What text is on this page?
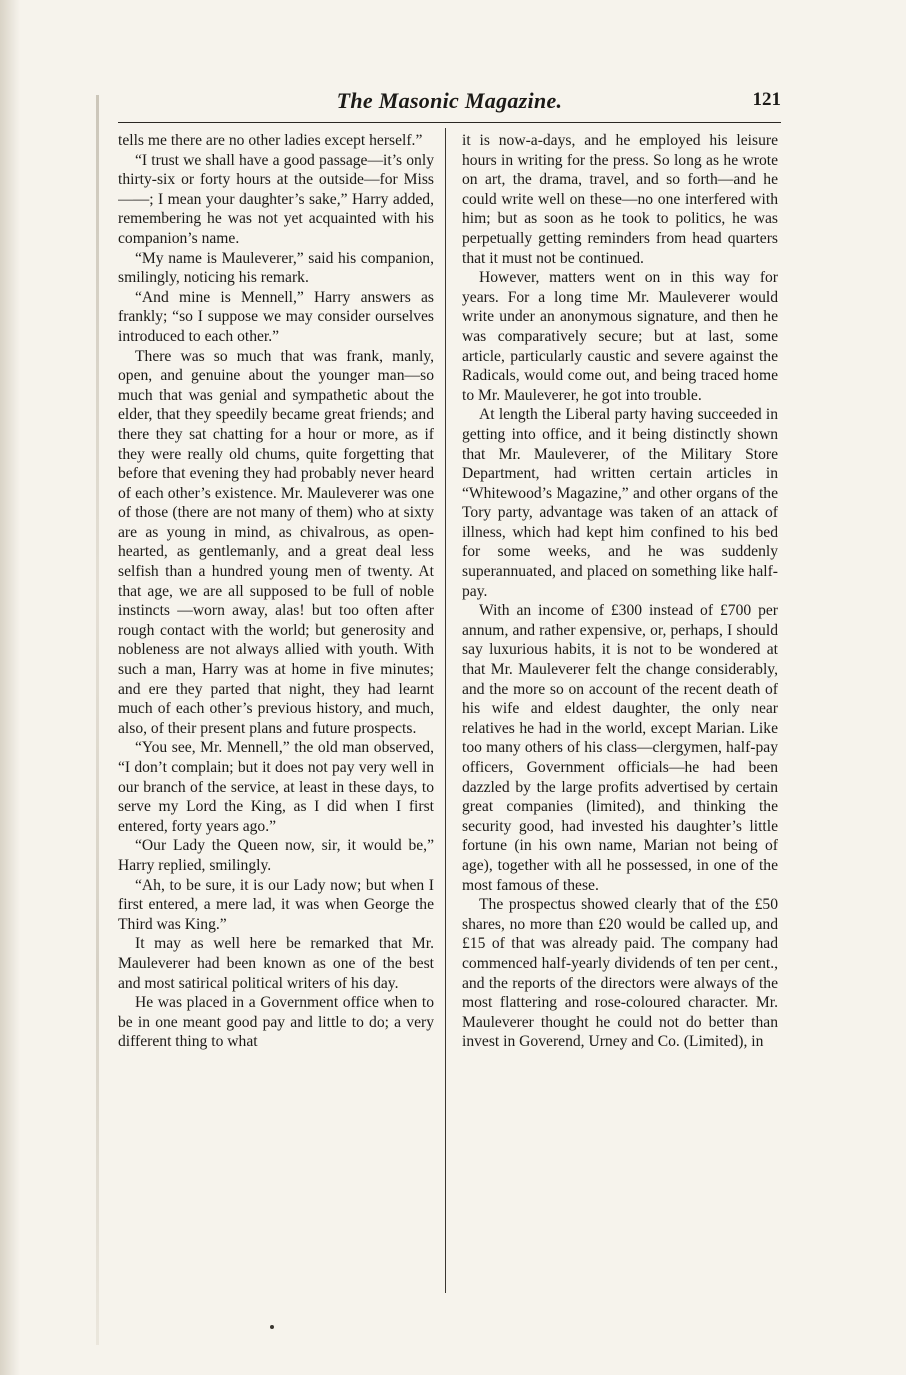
The Masonic Magazine.	121

tells me there are no other ladies except herself.”

“I trust we shall have a good passage—it’s only thirty-six or forty hours at the outside—for Miss ——; I mean your daughter’s sake,” Harry added, remembering he was not yet acquainted with his companion’s name.

“My name is Mauleverer,” said his companion, smilingly, noticing his remark.

“And mine is Mennell,” Harry answers as frankly; “so I suppose we may consider ourselves introduced to each other.”

There was so much that was frank, manly, open, and genuine about the younger man—so much that was genial and sympathetic about the elder, that they speedily became great friends; and there they sat chatting for a hour or more, as if they were really old chums, quite forgetting that before that evening they had probably never heard of each other’s existence. Mr. Mauleverer was one of those (there are not many of them) who at sixty are as young in mind, as chivalrous, as open-hearted, as gentlemanly, and a great deal less selfish than a hundred young men of twenty. At that age, we are all supposed to be full of noble instincts —worn away, alas! but too often after rough contact with the world; but generosity and nobleness are not always allied with youth. With such a man, Harry was at home in five minutes; and ere they parted that night, they had learnt much of each other’s previous history, and much, also, of their present plans and future prospects.

“You see, Mr. Mennell,” the old man observed, “I don’t complain; but it does not pay very well in our branch of the service, at least in these days, to serve my Lord the King, as I did when I first entered, forty years ago.”

“Our Lady the Queen now, sir, it would be,” Harry replied, smilingly.

“Ah, to be sure, it is our Lady now; but when I first entered, a mere lad, it was when George the Third was King.”

It may as well here be remarked that Mr. Mauleverer had been known as one of the best and most satirical political writers of his day.

He was placed in a Government office when to be in one meant good pay and little to do; a very different thing to what

it is now-a-days, and he employed his leisure hours in writing for the press. So long as he wrote on art, the drama, travel, and so forth—and he could write well on these—no one interfered with him; but as soon as he took to politics, he was perpetually getting reminders from head quarters that it must not be continued.

However, matters went on in this way for years. For a long time Mr. Mauleverer would write under an anonymous signature, and then he was comparatively secure; but at last, some article, particularly caustic and severe against the Radicals, would come out, and being traced home to Mr. Mauleverer, he got into trouble.

At length the Liberal party having succeeded in getting into office, and it being distinctly shown that Mr. Mauleverer, of the Military Store Department, had written certain articles in “Whitewood’s Magazine,” and other organs of the Tory party, advantage was taken of an attack of illness, which had kept him confined to his bed for some weeks, and he was suddenly superannuated, and placed on something like half-pay.

With an income of £300 instead of £700 per annum, and rather expensive, or, perhaps, I should say luxurious habits, it is not to be wondered at that Mr. Mauleverer felt the change considerably, and the more so on account of the recent death of his wife and eldest daughter, the only near relatives he had in the world, except Marian. Like too many others of his class—clergymen, half-pay officers, Government officials—he had been dazzled by the large profits advertised by certain great companies (limited), and thinking the security good, had invested his daughter’s little fortune (in his own name, Marian not being of age), together with all he possessed, in one of the most famous of these.

The prospectus showed clearly that of the £50 shares, no more than £20 would be called up, and £15 of that was already paid. The company had commenced half-yearly dividends of ten per cent., and the reports of the directors were always of the most flattering and rose-coloured character. Mr. Mauleverer thought he could not do better than invest in Goverend, Urney and Co. (Limited), in
